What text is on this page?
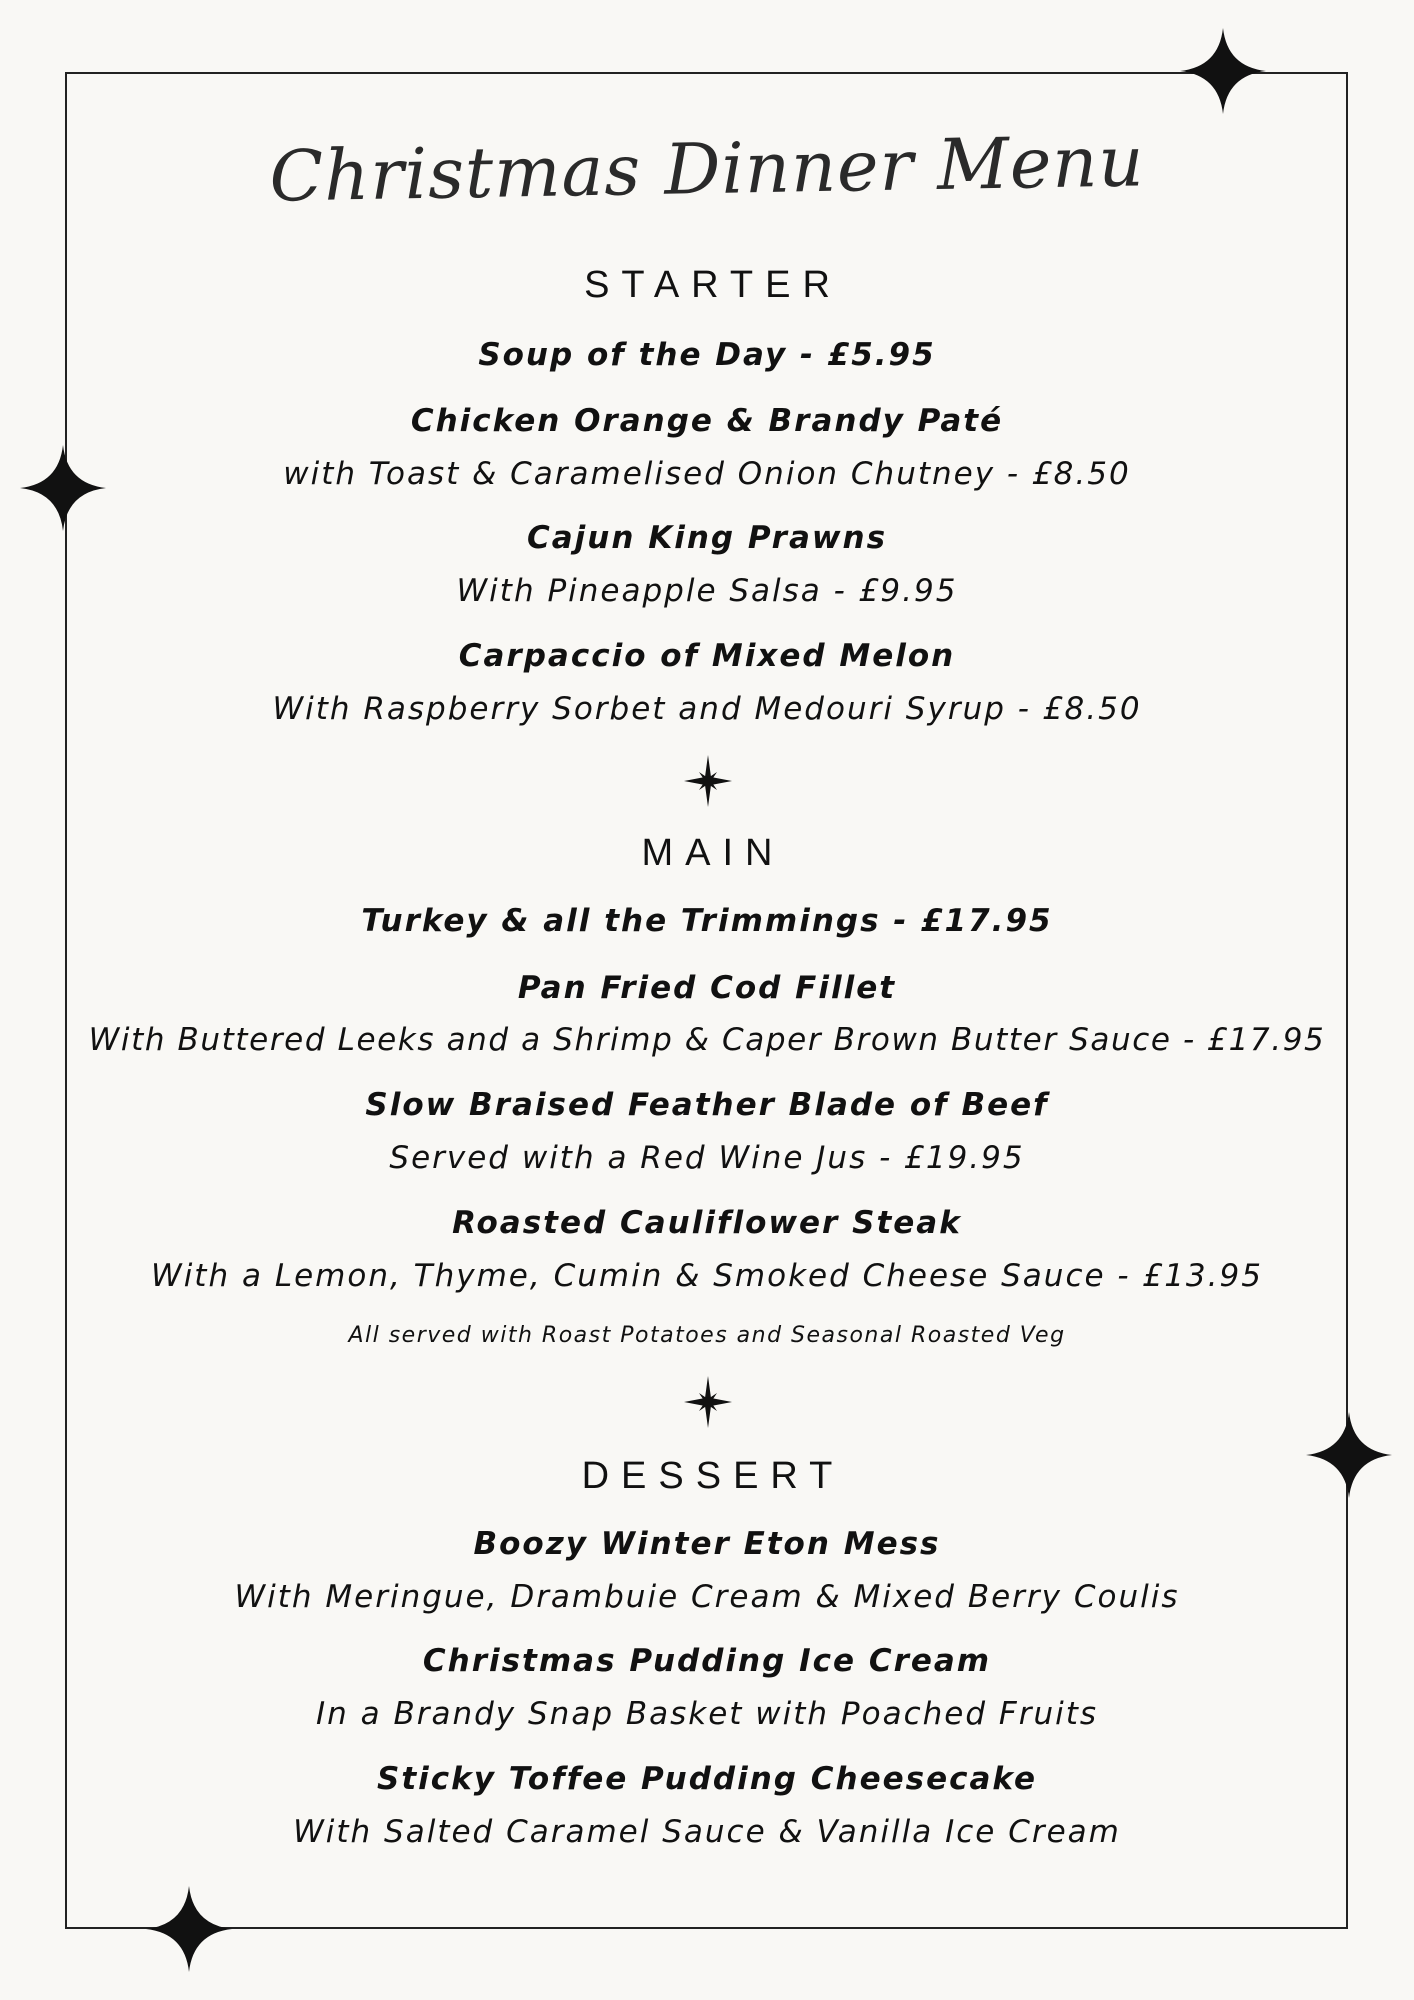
Christmas Dinner Menu
STARTER
Soup of the Day - £5.95
Chicken Orange & Brandy Paté
with Toast & Caramelised Onion Chutney - £8.50
Cajun King Prawns
With Pineapple Salsa - £9.95
Carpaccio of Mixed Melon
With Raspberry Sorbet and Medouri Syrup - £8.50
MAIN
Turkey & all the Trimmings - £17.95
Pan Fried Cod Fillet
With Buttered Leeks and a Shrimp & Caper Brown Butter Sauce - £17.95
Slow Braised Feather Blade of Beef
Served with a Red Wine Jus - £19.95
Roasted Cauliflower Steak
With a Lemon, Thyme, Cumin & Smoked Cheese Sauce - £13.95
All served with Roast Potatoes and Seasonal Roasted Veg
DESSERT
Boozy Winter Eton Mess
With Meringue, Drambuie Cream & Mixed Berry Coulis
Christmas Pudding Ice Cream
In a Brandy Snap Basket with Poached Fruits
Sticky Toffee Pudding Cheesecake
With Salted Caramel Sauce & Vanilla Ice Cream
